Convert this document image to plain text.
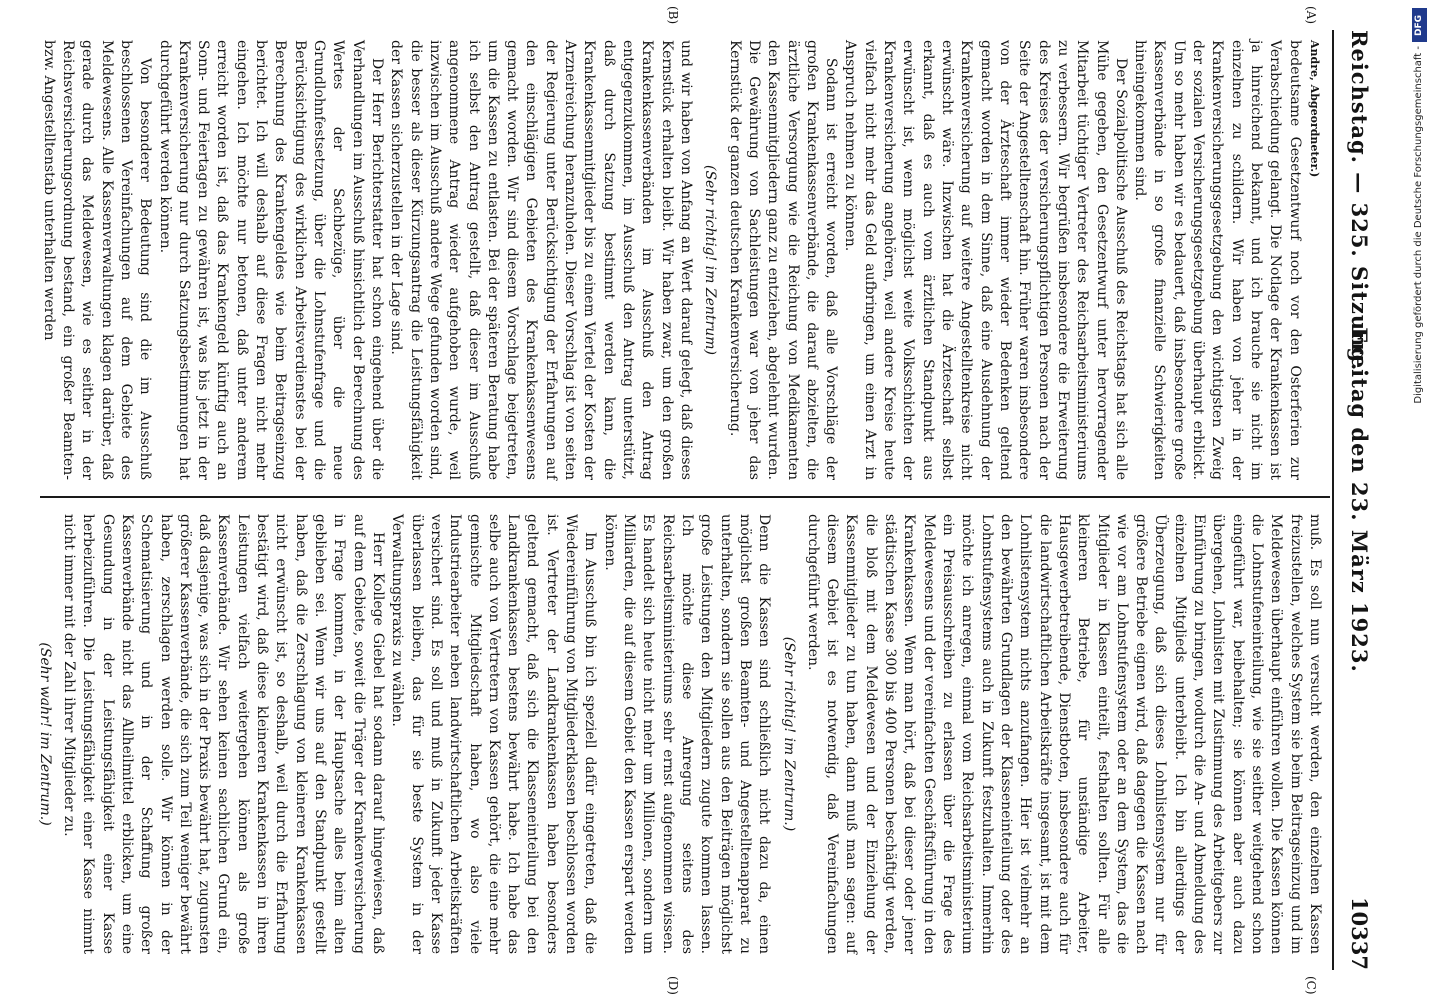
Reichstag. — 325. Sitzung.
Freitag den 23. März 1923.
10337
(A)
(B)
(C)
(D)

Andre, Abgeordneter.)

bedeutsame Gesetzentwurf noch vor den Osterferien zur Verabschiedung gelangt. Die Notlage der Krankenkassen ist ja hinreichend bekannt, und ich brauche sie nicht im einzelnen zu schildern. Wir haben von jeher in der Krankenversicherungsgesetzgebung den wichtigsten Zweig der sozialen Versicherungsgesetzgebung überhaupt erblickt. Um so mehr haben wir es bedauert, daß insbesondere große Kassenverbände in so große finanzielle Schwierigkeiten hineingekommen sind.

Der Sozialpolitische Ausschuß des Reichstags hat sich alle Mühe gegeben, den Gesetzentwurf unter hervorragender Mitarbeit tüchtiger Vertreter des Reichsarbeitsministeriums zu verbessern. Wir begrüßen insbesondere die Erweiterung des Kreises der versicherungspflichtigen Personen nach der Seite der Angestelltenschaft hin. Früher waren insbesondere von der Ärzteschaft immer wieder Bedenken geltend gemacht worden in dem Sinne, daß eine Ausdehnung der Krankenversicherung auf weitere Angestelltenkreise nicht erwünscht wäre. Inzwischen hat die Ärzteschaft selbst erkannt, daß es auch vom ärztlichen Standpunkt aus erwünscht ist, wenn möglichst weite Volksschichten der Krankenversicherung angehören, weil andere Kreise heute vielfach nicht mehr das Geld aufbringen, um einen Arzt in Anspruch nehmen zu können.

Sodann ist erreicht worden, daß alle Vorschläge der großen Krankenkassenverbände, die darauf abzielten, die ärztliche Versorgung wie die Reichung von Medikamenten den Kassenmitgliedern ganz zu entziehen, abgelehnt wurden. Die Gewährung von Sachleistungen war von jeher das Kernstück der ganzen deutschen Krankenversicherung.

(Sehr richtig! im Zentrum)

und wir haben von Anfang an Wert darauf gelegt, daß dieses Kernstück erhalten bleibt. Wir haben zwar, um den großen Krankenkassenverbänden im Ausschuß den Antrag entgegenzukommen, im Ausschuß den Antrag unterstützt, daß durch Satzung bestimmt werden kann, die Krankenkassenmitglieder bis zu einem Viertel der Kosten der Arzneireichung heranzuholen. Dieser Vorschlag ist von seiten der Regierung unter Berücksichtigung der Erfahrungen auf den einschlägigen Gebieten des Krankenkassenwesens gemacht worden. Wir sind diesem Vorschlage beigetreten, um die Kassen zu entlasten. Bei der späteren Beratung habe ich selbst den Antrag gestellt, daß dieser im Ausschuß angenommene Antrag wieder aufgehoben wurde, weil inzwischen im Ausschuß andere Wege gefunden worden sind, die besser als dieser Kürzungsantrag die Leistungsfähigkeit der Kassen sicherzustellen in der Lage sind.

Der Herr Berichterstatter hat schon eingehend über die Verhandlungen im Ausschuß hinsichtlich der Berechnung des Wertes der Sachbezüge, über die neue Grundlohnfestsetzung, über die Lohnstufenfrage und die Berücksichtigung des wirklichen Arbeitsverdienstes bei der Berechnung des Krankengeldes wie beim Beitragseinzug berichtet. Ich will deshalb auf diese Fragen nicht mehr eingehen. Ich möchte nur betonen, daß unter anderem erreicht worden ist, daß das Krankengeld künftig auch an Sonn- und Feiertagen zu gewähren ist, was bis jetzt in der Krankenversicherung nur durch Satzungsbestimmungen hat durchgeführt werden können.

Von besonderer Bedeutung sind die im Ausschuß beschlossenen Vereinfachungen auf dem Gebiete des Meldewesens. Alle Kassenverwaltungen klagen darüber, daß gerade durch das Meldewesen, wie es seither in der Reichsversicherungsordnung bestand, ein großer Beamten- bzw. Angestelltenstab unterhalten werden

muß. Es soll nun versucht werden, den einzelnen Kassen freizustellen, welches System sie beim Beitragseinzug und im Meldewesen überhaupt einführen wollen. Die Kassen können die Lohnstufeneinteilung, wie sie seither weitgehend schon eingeführt war, beibehalten; sie können aber auch dazu übergehen, Lohnlisten mit Zustimmung des Arbeitgebers zur Einführung zu bringen, wodurch die An- und Abmeldung des einzelnen Mitglieds unterbleibt. Ich bin allerdings der Überzeugung, daß sich dieses Lohnlistensystem nur für größere Betriebe eignen wird, daß dagegen die Kassen nach wie vor am Lohnstufensystem oder an dem System, das die Mitglieder in Klassen einteilt, festhalten sollten. Für alle kleineren Betriebe, für unständige Arbeiter, Hausgewerbetreibende, Dienstboten, insbesondere auch für die landwirtschaftlichen Arbeitskräfte insgesamt, ist mit dem Lohnlistensystem nichts anzufangen. Hier ist vielmehr an den bewährten Grundlagen der Klasseneinteilung oder des Lohnstufensystems auch in Zukunft festzuhalten. Immerhin möchte ich anregen, einmal vom Reichsarbeitsministerium ein Preisausschreiben zu erlassen über die Frage des Meldewesens und der vereinfachten Geschäftsführung in den Krankenkassen. Wenn man hört, daß bei dieser oder jener städtischen Kasse 300 bis 400 Personen beschäftigt werden, die bloß mit dem Meldewesen und der Einziehung der Kassenmitglieder zu tun haben, dann muß man sagen: auf diesem Gebiet ist es notwendig, daß Vereinfachungen durchgeführt werden.

(Sehr richtig! im Zentrum.)

Denn die Kassen sind schließlich nicht dazu da, einen möglichst großen Beamten- und Angestelltenapparat zu unterhalten, sondern sie sollen aus den Beiträgen möglichst große Leistungen den Mitgliedern zugute kommen lassen. Ich möchte diese Anregung seitens des Reichsarbeitsministeriums sehr ernst aufgenommen wissen. Es handelt sich heute nicht mehr um Millionen, sondern um Milliarden, die auf diesem Gebiet den Kassen erspart werden können.

Im Ausschuß bin ich speziell dafür eingetreten, daß die Wiedereinführung von Mitgliederklassen beschlossen worden ist. Vertreter der Landkrankenkassen haben besonders geltend gemacht, daß sich die Klasseneinteilung bei den Landkrankenkassen bestens bewährt habe. Ich habe das selbe auch von Vertretern von Kassen gehört, die eine mehr gemischte Mitgliedschaft haben, wo also viele Industriearbeiter neben landwirtschaftlichen Arbeitskräften versichert sind. Es soll und muß in Zukunft jeder Kasse überlassen bleiben, das für sie beste System in der Verwaltungspraxis zu wählen.

Herr Kollege Giebel hat sodann darauf hingewiesen, daß auf dem Gebiete, soweit die Träger der Krankenversicherung in Frage kommen, in der Hauptsache alles beim alten geblieben sei. Wenn wir uns auf den Standpunkt gestellt haben, daß die Zerschlagung von kleineren Krankenkassen nicht erwünscht ist, so deshalb, weil durch die Erfahrung bestätigt wird, daß diese kleineren Krankenkassen in ihren Leistungen vielfach weitergehen können als große Kassenverbände. Wir sehen keinen sachlichen Grund ein, daß dasjenige, was sich in der Praxis bewährt hat, zugunsten größerer Kassenverbände, die sich zum Teil weniger bewährt haben, zerschlagen werden solle. Wir können in der Schematisierung und in der Schaffung großer Kassenverbände nicht das Allheilmittel erblicken, um eine Gesundung in der Leistungsfähigkeit einer Kasse herbeizuführen. Die Leistungsfähigkeit einer Kasse nimmt nicht immer mit der Zahl ihrer Mitglieder zu.

(Sehr wahr! im Zentrum.)

DFG
Digitalisierung gefördert durch die Deutsche Forschungsgemeinschaft -
